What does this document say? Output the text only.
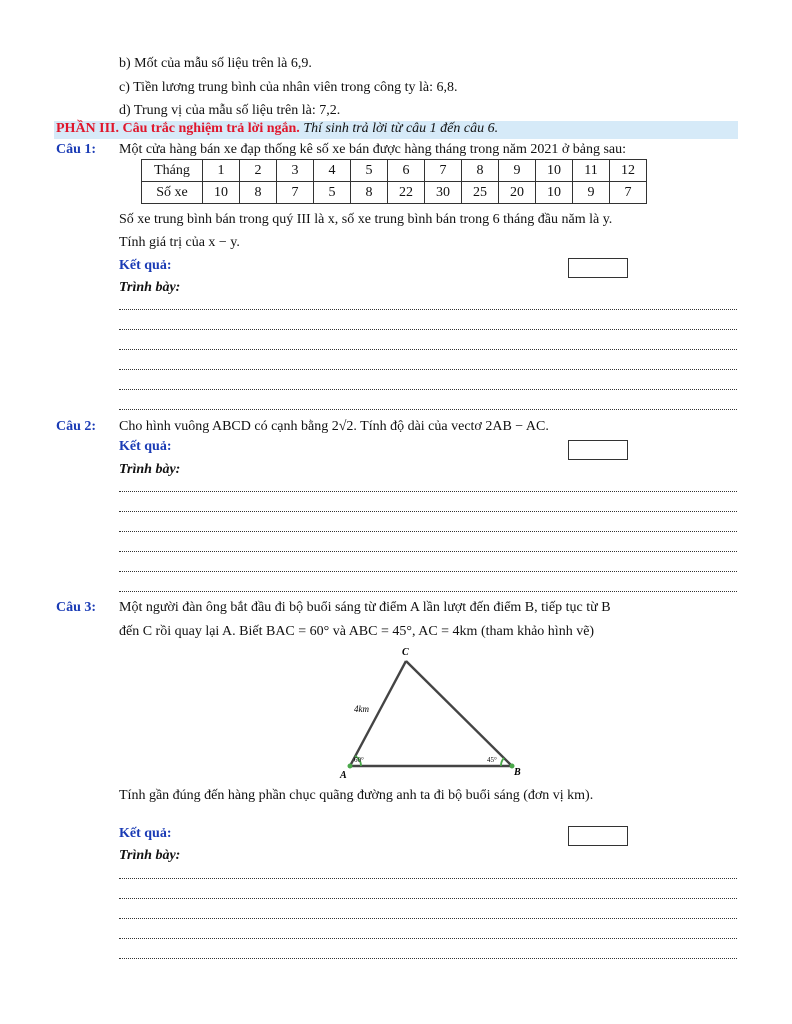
b) Mốt của mẫu số liệu trên là 6,9.
c) Tiền lương trung bình của nhân viên trong công ty là: 6,8.
d) Trung vị của mẫu số liệu trên là: 7,2.
PHẦN III. Câu trắc nghiệm trả lời ngắn. Thí sinh trả lời từ câu 1 đến câu 6.
Câu 1: Một cửa hàng bán xe đạp thống kê số xe bán được hàng tháng trong năm 2021 ở bảng sau:
Tháng	1	2	3	4	5	6	7	8	9	10	11	12
Số xe	10	8	7	5	8	22	30	25	20	10	9	7
Số xe trung bình bán trong quý III là x, số xe trung bình bán trong 6 tháng đầu năm là y.
Tính giá trị của x − y.
Kết quả:
Trình bày:
Câu 2: Cho hình vuông ABCD có cạnh bằng 2√2. Tính độ dài của vectơ 2AB − AC.
Kết quả:
Trình bày:
Câu 3: Một người đàn ông bắt đầu đi bộ buổi sáng từ điểm A lần lượt đến điểm B, tiếp tục từ B
đến C rồi quay lại A. Biết BAC = 60° và ABC = 45°, AC = 4km (tham khảo hình vẽ)
A	B
C
4km
60°	45°
Tính gần đúng đến hàng phần chục quãng đường anh ta đi bộ buổi sáng (đơn vị km).
Kết quả:
Trình bày:
